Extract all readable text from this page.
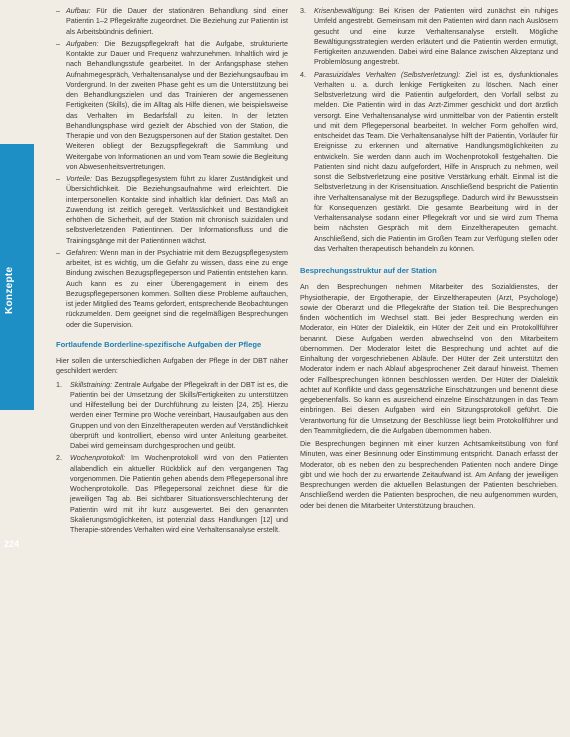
Konzepte
224
– Aufbau: Für die Dauer der stationären Behandlung sind einer Patientin 1–2 Pflegekräfte zugeordnet. Die Beziehung zur Patientin ist als Arbeitsbündnis definiert.
– Aufgaben: Die Bezugspflegekraft hat die Aufgabe, strukturierte Kontakte zur Dauer und Frequenz wahrzunehmen. Inhaltlich wird je nach Behandlungsstufe gearbeitet. In der Anfangsphase stehen Aufnahmegespräch, Verhaltensanalyse und der Beziehungsaufbau im Vordergrund. In der zweiten Phase geht es um die Unterstützung bei den Behandlungszielen und das Trainieren der angemessenen Fertigkeiten (Skills), die im Alltag als Hilfe dienen, wie beispielsweise das Verhalten im Bedarfsfall zu leiten. In der letzten Behandlungsphase wird gezielt der Abschied von der Station, die Therapie und von den Bezugspersonen auf der Station gestaltet. Den Weiteren obliegt der Bezugspflegekraft die Sammlung und Weitergabe von Informationen an und vom Team sowie die Begleitung von Abwesenheitsvertretungen.
– Vorteile: Das Bezugspflegesystem führt zu klarer Zuständigkeit und Übersichtlichkeit. Die Beziehungsaufnahme wird erleichtert. Die interpersonellen Kontakte sind inhaltlich klar definiert. Das Maß an Zuwendung ist zeitlich geregelt. Verlässlichkeit und Beständigkeit erhöhen die Sicherheit, auf der Station mit chronisch suizidalen und selbstverletzenden Patientinnen. Der Informationsfluss und die Trainingsgänge mit der Patientinnen wächst.
– Gefahren: Wenn man in der Psychiatrie mit dem Bezugspflegesystem arbeitet, ist es wichtig, um die Gefahr zu wissen, dass eine zu enge Bindung zwischen Bezugspflegeperson und Patientin entstehen kann. Auch kann es zu einer Überengagement in einem des Bezugspflegepersonen kommen. Sollten diese Probleme auftauchen, ist jeder Mitglied des Teams gefordert, entsprechende Beobachtungen rückzumelden. Dem geeignet sind die regelmäßigen Besprechungen oder die Supervision.
Fortlaufende Borderline-spezifische Aufgaben der Pflege

Hier sollen die unterschiedlichen Aufgaben der Pflege in der DBT näher geschildert werden:

1. Skillstraining: Zentrale Aufgabe der Pflegekraft in der DBT ist es, die Patientin bei der Umsetzung der Skills/Fertigkeiten zu unterstützen und Hilfestellung bei der Durchführung zu leisten [24, 25]. Hierzu werden einer Termine pro Woche vereinbart, Hausaufgaben aus den Gruppen und von den Einzeltherapeuten werden auf Verständlichkeit überprüft und kontrolliert, ebenso wird unter Anleitung gearbeitet. Dabei wird gemeinsam durchgesprochen und geübt.
2. Wochenprotokoll: Im Wochenprotokoll wird von den Patienten allabendlich ein aktueller Rückblick auf den vergangenen Tag vorgenommen. Die Patientin gehen abends dem Pflegepersonal ihre Wochenprotokolle. Das Pflegepersonal zeichnet diese für die jeweiligen Tag ab. Bei sichtbarer Situationsverschlechterung der Patientin wird mit ihr kurz ausgewertet. Bei den genannten Skalierungsmöglichkeiten, ist potenzial dass Handlungen [12] und Therapie-störendes Verhalten wird eine Verhaltensanalyse erstellt.
3. Krisenbewältigung: Bei Krisen der Patienten wird zunächst ein ruhiges Umfeld angestrebt. Gemeinsam mit den Patienten wird dann nach Auslösern gesucht und eine kurze Verhaltensanalyse erstellt. Mögliche Bewältigungsstrategien werden erläutert und die Patientin werden ermutigt, Fertigkeiten anzuwenden. Dabei wird eine Balance zwischen Akzeptanz und Problemlösung angestrebt.
4. Parasuizidales Verhalten (Selbstverletzung): Ziel ist es, dysfunktionales Verhalten u. a. durch lenkige Fertigkeiten zu löschen. Nach einer Selbstverletzung wird die Patientin aufgefordert, den Vorfall selbst zu melden. Die Patientin wird in das Arzt-Zimmer geschickt und dort ärztlich versorgt. Eine Verhaltensanalyse wird unmittelbar von der Patientin erstellt und mit dem Pflegepersonal bearbeitet. In welcher Form geholfen wird, entscheidet das Team. Die Verhaltensanalyse hilft der Patientin, Vorläufer für Ereignisse zu erkennen und alternative Handlungsmöglichkeiten zu entwickeln. Sie werden dann auch im Wochenprotokoll festgehalten. Die Patienten sind nicht dazu aufgefordert, Hilfe in Anspruch zu nehmen, weil sonst die Selbstverletzung eine positive Verstärkung erhält. Einmal ist die Selbstverletzung in der Krisensituation. Anschließend bespricht die Patientin ihre Verhaltensanalyse mit der Bezugspflege. Dadurch wird ihr Bewusstsein für Konsequenzen gestärkt. Die gesamte Bearbeitung wird in der Verhaltensanalyse sodann einer Pflegekraft vor und sie wird zum Thema beim nächsten Gespräch mit dem Einzeltherapeuten gemacht. Anschließend, sich die Patientin im Großen Team zur Verfügung stellen oder das Verhalten therapeutisch behandeln zu können.
Besprechungsstruktur auf der Station

An den Besprechungen nehmen Mitarbeiter des Sozialdienstes, der Physiotherapie, der Ergotherapie, der Einzeltherapeuten (Arzt, Psychologe) sowie der Oberarzt und die Pflegekräfte der Station teil. Die Besprechungen finden wöchentlich im Wechsel statt. Bei jeder Besprechung werden ein Moderator, ein Hüter der Dialektik, ein Hüter der Zeit und ein Protokollführer benannt. Diese Aufgaben werden abwechselnd von den Mitarbeitern übernommen. Der Moderator leitet die Besprechung und achtet auf die Einhaltung der vorgeschriebenen Abläufe. Der Hüter der Zeit unterstützt den Moderator indem er nach Ablauf abgesprochener Zeit darauf hinweist. Themen oder Fallbesprechungen können beschlossen werden. Der Hüter der Dialektik achtet auf Konflikte und dass gegensätzliche Einschätzungen und benennt diese gegebenenfalls. So kann es ausreichend einzelne Einschätzungen in das Team einbringen. Bei diesen Aufgaben wird ein Sitzungsprotokoll geführt. Die Verantwortung für die Umsetzung der Beschlüsse liegt beim Protokollführer und den Teammitgliedern, die die Aufgaben übernommen haben.

Die Besprechungen beginnen mit einer kurzen Achtsamkeitsübung von fünf Minuten, was einer Besinnung oder Einstimmung entspricht. Danach erfasst der Moderator, ob es neben den zu besprechenden Patienten noch andere Dinge gibt und wie hoch der zu erwartende Zeitaufwand ist. Am Anfang der jeweiligen Besprechungen werden die aktuellen Belastungen der Patienten beschrieben. Anschließend werden die Patienten besprochen, die neu aufgenommen wurden, oder bei denen die Mitarbeiter Unterstützung brauchen.
